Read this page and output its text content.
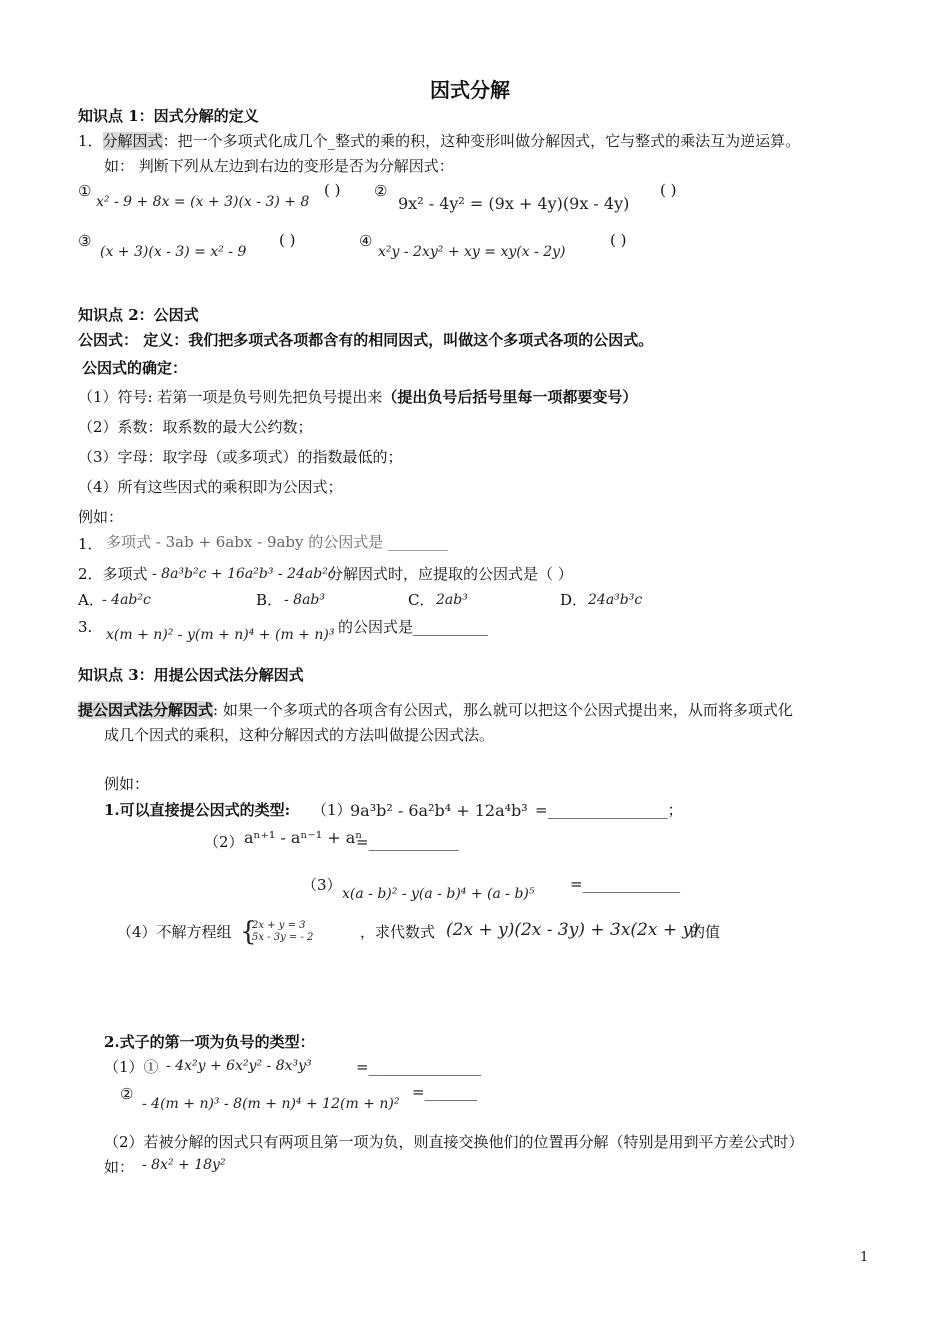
因式分解
知识点 1：因式分解的定义
1．分解因式：把一个多项式化成几个_整式的乘的积，这种变形叫做分解因式，它与整式的乘法互为逆运算。
如： 判断下列从左边到右边的变形是否为分解因式：
①
x² - 9 + 8x = (x + 3)(x - 3) + 8
( ) ②
9x² - 4y² = (9x + 4y)(9x - 4y)
( )
③
(x + 3)(x - 3) = x² - 9
( )	④
x²y - 2xy² + xy = xy(x - 2y)
( )
知识点 2：公因式
公因式： 定义：我们把多项式各项都含有的相同因式，叫做这个多项式各项的公因式。
公因式的确定：
（1）符号: 若第一项是负号则先把负号提出来（提出负号后括号里每一项都要变号）
（2）系数：取系数的最大公约数；
（3）字母：取字母（或多项式）的指数最低的；
（4）所有这些因式的乘积即为公因式；
例如：
1． 多项式 - 3ab + 6abx - 9aby 的公因式是 ________
2．多项式 - 8a³b²c + 16a²b³ - 24ab²c
分解因式时，应提取的公因式是（ ）
A．
- 4ab²c	B． - 8ab³	C． 2ab³	D． 24a³b³c
3. x(m + n)² - y(m + n)⁴ + (m + n)³ 的公因式是__________
知识点 3：用提公因式法分解因式
提公因式法分解因式: 如果一个多项式的各项含有公因式，那么就可以把这个公因式提出来，从而将多项式化
成几个因式的乘积，这种分解因式的方法叫做提公因式法。
例如：
1.可以直接提公因式的类型: （1）
9a³b² - 6a²b⁴ + 12a⁴b³ =________________；
（2） aⁿ⁺¹ - aⁿ⁻¹ + aⁿ
=____________
（3） x(a - b)² - y(a - b)⁴ + (a - b)⁵
=_____________
（4）不解方程组 {
2x + y = 3
5x - 3y = - 2	，求代数式 (2x + y)(2x - 3y) + 3x(2x + y)
的值
2.式子的第一项为负号的类型：
（1）① - 4x²y + 6x²y² - 8x³y³	=_______________
②
- 4(m + n)³ - 8(m + n)⁴ + 12(m + n)²
=_______
（2）若被分解的因式只有两项且第一项为负，则直接交换他们的位置再分解（特别是用到平方差公式时）
如： - 8x² + 18y²
1
